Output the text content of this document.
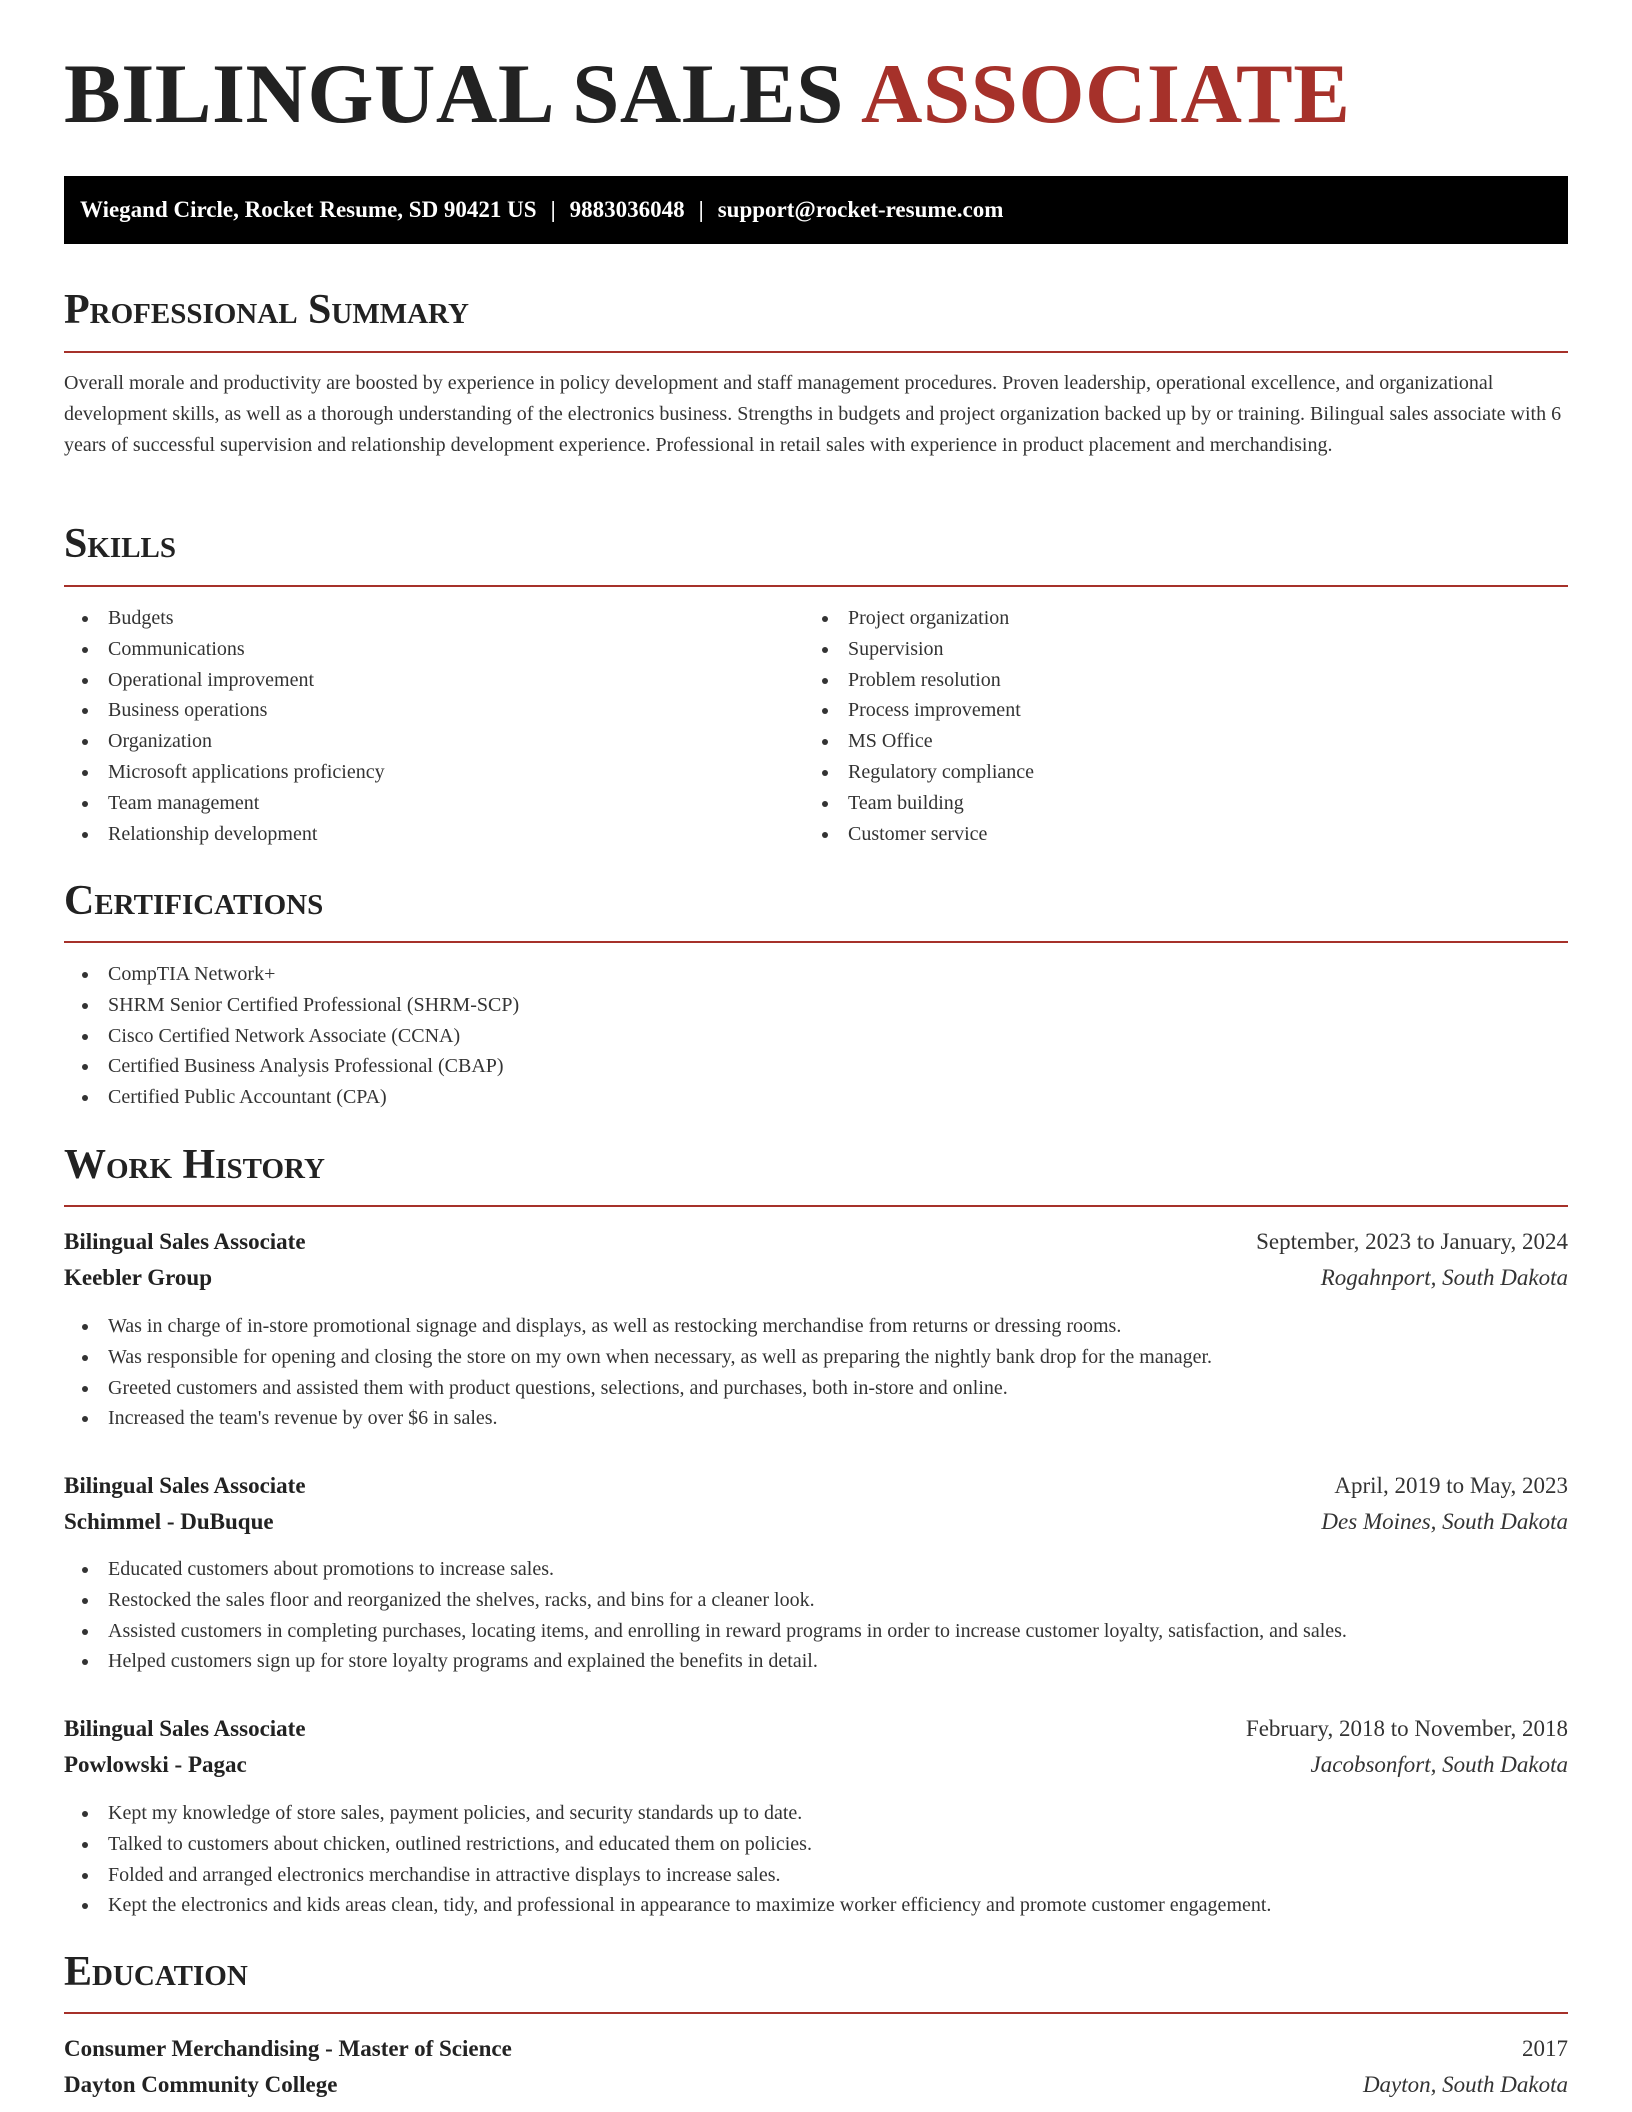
BILINGUAL SALES ASSOCIATE
Wiegand Circle, Rocket Resume, SD 90421 US | 9883036048 | support@rocket-resume.com
Professional Summary

Overall morale and productivity are boosted by experience in policy development and staff management procedures. Proven leadership, operational excellence, and organizational development skills, as well as a thorough understanding of the electronics business. Strengths in budgets and project organization backed up by or training. Bilingual sales associate with 6 years of successful supervision and relationship development experience. Professional in retail sales with experience in product placement and merchandising.

Skills
Budgets
Communications
Operational improvement
Business operations
Organization
Microsoft applications proficiency
Team management
Relationship development
Project organization
Supervision
Problem resolution
Process improvement
MS Office
Regulatory compliance
Team building
Customer service
Certifications
CompTIA Network+
SHRM Senior Certified Professional (SHRM-SCP)
Cisco Certified Network Associate (CCNA)
Certified Business Analysis Professional (CBAP)
Certified Public Accountant (CPA)
Work History
Bilingual Sales Associate	September, 2023 to January, 2024
Keebler Group	Rogahnport, South Dakota
Was in charge of in-store promotional signage and displays, as well as restocking merchandise from returns or dressing rooms.
Was responsible for opening and closing the store on my own when necessary, as well as preparing the nightly bank drop for the manager.
Greeted customers and assisted them with product questions, selections, and purchases, both in-store and online.
Increased the team's revenue by over $6 in sales.
Bilingual Sales Associate	April, 2019 to May, 2023
Schimmel - DuBuque	Des Moines, South Dakota
Educated customers about promotions to increase sales.
Restocked the sales floor and reorganized the shelves, racks, and bins for a cleaner look.
Assisted customers in completing purchases, locating items, and enrolling in reward programs in order to increase customer loyalty, satisfaction, and sales.
Helped customers sign up for store loyalty programs and explained the benefits in detail.
Bilingual Sales Associate	February, 2018 to November, 2018
Powlowski - Pagac	Jacobsonfort, South Dakota
Kept my knowledge of store sales, payment policies, and security standards up to date.
Talked to customers about chicken, outlined restrictions, and educated them on policies.
Folded and arranged electronics merchandise in attractive displays to increase sales.
Kept the electronics and kids areas clean, tidy, and professional in appearance to maximize worker efficiency and promote customer engagement.
Education
Consumer Merchandising - Master of Science	2017
Dayton Community College	Dayton, South Dakota
